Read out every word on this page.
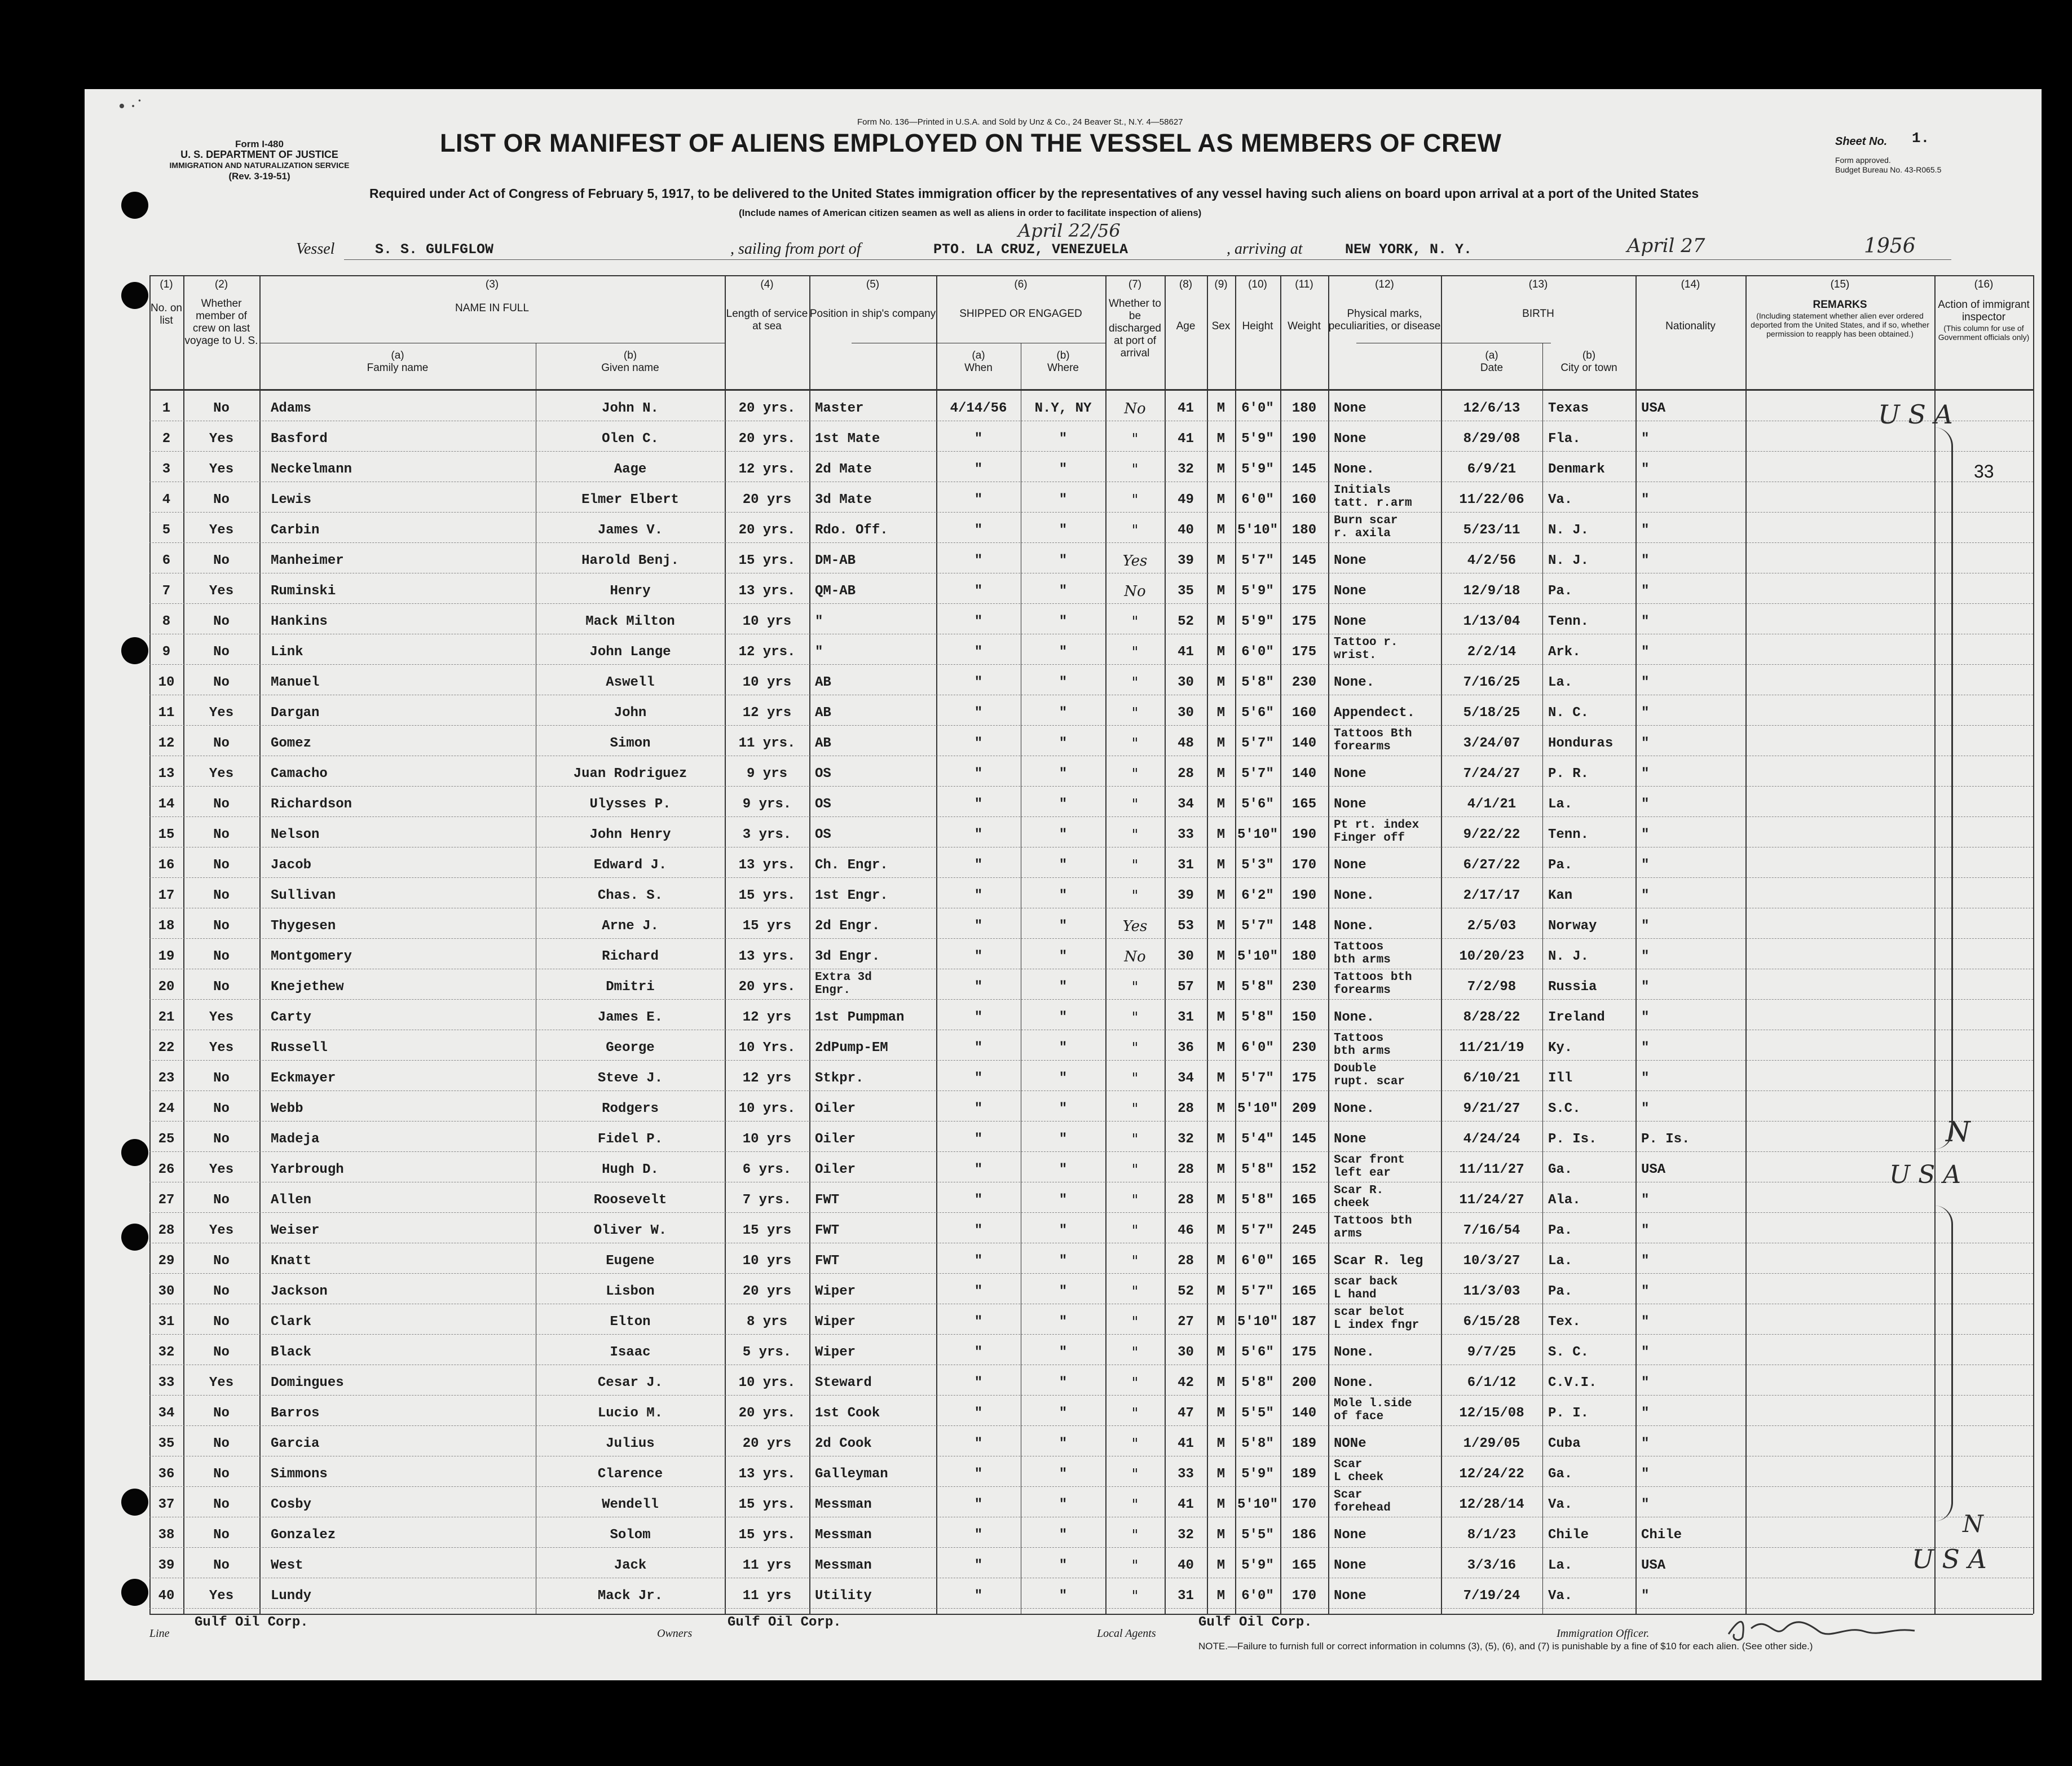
• ·˙
Form I-480
U. S. DEPARTMENT OF JUSTICE
IMMIGRATION AND NATURALIZATION SERVICE
(Rev. 3-19-51)
Form No. 136—Printed in U.S.A. and Sold by Unz & Co., 24 Beaver St., N.Y. 4—58627
LIST OR MANIFEST OF ALIENS EMPLOYED ON THE VESSEL AS MEMBERS OF CREW	Sheet No. 1.
Form approved.
Budget Bureau No. 43-R065.5
Required under Act of Congress of February 5, 1917, to be delivered to the United States immigration officer by the representatives of any vessel having such aliens on board upon arrival at a port of the United States
(Include names of American citizen seamen as well as aliens in order to facilitate inspection of aliens)
Vessel	S. S. GULFGLOW	, sailing from port of	PTO. LA CRUZ, VENEZUELA
April 22/56
, arriving at	NEW YORK, N. Y.	April 27	1956
(1)
No. on list
(2)
Whether member of crew on last voyage to U. S.
(3)
NAME IN FULL
(a)
Family name
(b)
Given name
(4)
Length of service at sea
(5)
Position in ship's company
(6)
SHIPPED OR ENGAGED
(a)
When
(b)
Where
(7)
Whether to be discharged at port of arrival
(8)
Age
(9)
Sex
(10)
Height
(11)
Weight
(12)
Physical marks, peculiarities, or disease
(13)
BIRTH
(a)
Date
(b)
City or town
(14)
Nationality
(15)
REMARKS
(Including statement whether alien ever ordered deported from the United States, and if so, whether permission to reapply has been obtained.)
(16)
Action of immigrant inspector
(This column for use of Government officials only)
1	No	Adams	John N.	20 yrs.	Master	4/14/56	N.Y, NY	No	41	M	6'0"	180	None	12/6/13	Texas	USA
2	Yes	Basford	Olen C.	20 yrs.	1st Mate	"	"	"	41	M	5'9"	190	None	8/29/08	Fla.	"
3	Yes	Neckelmann	Aage	12 yrs.	2d Mate	"	"	"	32	M	5'9"	145	None.	6/9/21	Denmark	"
4	No	Lewis	Elmer Elbert	20 yrs	3d Mate	"	"	"	49	M	6'0"	160
Initials
tatt. r.arm	11/22/06	Va.	"
5	Yes	Carbin	James V.	20 yrs.	Rdo. Off.	"	"	"	40	M 5'10"	180
Burn scar
r. axila	5/23/11	N. J.	"
6	No	Manheimer	Harold Benj.	15 yrs.	DM-AB	"	"	Yes	39	M	5'7"	145	None	4/2/56	N. J.	"
7	Yes	Ruminski	Henry	13 yrs.	QM-AB	"	"	No	35	M	5'9"	175	None	12/9/18	Pa.	"
8	No	Hankins	Mack Milton	10 yrs	"	"	"	"	52	M	5'9"	175	None	1/13/04	Tenn.	"
9	No	Link	John Lange	12 yrs.	"	"	"	"	41	M	6'0"	175
Tattoo r.
wrist.	2/2/14	Ark.	"
10	No	Manuel	Aswell	10 yrs	AB	"	"	"	30	M	5'8"	230	None.	7/16/25	La.	"
11	Yes	Dargan	John	12 yrs	AB	"	"	"	30	M	5'6"	160	Appendect.	5/18/25	N. C.	"
12	No	Gomez	Simon	11 yrs.	AB	"	"	"	48	M	5'7"	140
Tattoos Bth
forearms	3/24/07	Honduras	"
13	Yes	Camacho	Juan Rodriguez	9 yrs	OS	"	"	"	28	M	5'7"	140	None	7/24/27	P. R.	"
14	No	Richardson	Ulysses P.	9 yrs.	OS	"	"	"	34	M	5'6"	165	None	4/1/21	La.	"
15	No	Nelson	John Henry	3 yrs.	OS	"	"	"	33	M 5'10"	190
Pt rt. index
Finger off	9/22/22	Tenn.	"
16	No	Jacob	Edward J.	13 yrs.	Ch. Engr.	"	"	"	31	M	5'3"	170	None	6/27/22	Pa.	"
17	No	Sullivan	Chas. S.	15 yrs.	1st Engr.	"	"	"	39	M	6'2"	190	None.	2/17/17	Kan	"
18	No	Thygesen	Arne J.	15 yrs	2d Engr.	"	"	Yes	53	M	5'7"	148	None.	2/5/03	Norway	"
19	No	Montgomery	Richard	13 yrs.	3d Engr.	"	"	No	30	M 5'10"	180
Tattoos
bth arms	10/20/23	N. J.	"
20	No	Knejethew	Dmitri	20 yrs.
Extra 3d
Engr.	"	"	"	57	M	5'8"	230
Tattoos bth
forearms	7/2/98	Russia	"
21	Yes	Carty	James E.	12 yrs	1st Pumpman	"	"	"	31	M	5'8"	150	None.	8/28/22	Ireland	"
22	Yes	Russell	George	10 Yrs.	2dPump-EM	"	"	"	36	M	6'0"	230
Tattoos
bth arms	11/21/19	Ky.	"
23	No	Eckmayer	Steve J.	12 yrs	Stkpr.	"	"	"	34	M	5'7"	175
Double
rupt. scar	6/10/21	Ill	"
24	No	Webb	Rodgers	10 yrs.	Oiler	"	"	"	28	M 5'10"	209	None.	9/21/27	S.C.	"
25	No	Madeja	Fidel P.	10 yrs	Oiler	"	"	"	32	M	5'4"	145	None	4/24/24	P. Is.	P. Is.
26	Yes	Yarbrough	Hugh D.	6 yrs.	Oiler	"	"	"	28	M	5'8"	152
Scar front
left ear	11/11/27	Ga.	USA
27	No	Allen	Roosevelt	7 yrs.	FWT	"	"	"	28	M	5'8"	165
Scar R.
cheek	11/24/27	Ala.	"
28	Yes	Weiser	Oliver W.	15 yrs	FWT	"	"	"	46	M	5'7"	245
Tattoos bth
arms	7/16/54	Pa.	"
29	No	Knatt	Eugene	10 yrs	FWT	"	"	"	28	M	6'0"	165	Scar R. leg	10/3/27	La.	"
30	No	Jackson	Lisbon	20 yrs	Wiper	"	"	"	52	M	5'7"	165
scar back
L hand	11/3/03	Pa.	"
31	No	Clark	Elton	8 yrs	Wiper	"	"	"	27	M 5'10"	187
scar belot
L index fngr	6/15/28	Tex.	"
32	No	Black	Isaac	5 yrs.	Wiper	"	"	"	30	M	5'6"	175	None.	9/7/25	S. C.	"
33	Yes	Domingues	Cesar J.	10 yrs.	Steward	"	"	"	42	M	5'8"	200	None.	6/1/12	C.V.I.	"
34	No	Barros	Lucio M.	20 yrs.	1st Cook	"	"	"	47	M	5'5"	140
Mole l.side
of face	12/15/08	P. I.	"
35	No	Garcia	Julius	20 yrs	2d Cook	"	"	"	41	M	5'8"	189	NONe	1/29/05	Cuba	"
36	No	Simmons	Clarence	13 yrs.	Galleyman	"	"	"	33	M	5'9"	189
Scar
L cheek	12/24/22	Ga.	"
37	No	Cosby	Wendell	15 yrs.	Messman	"	"	"	41	M 5'10"	170
Scar
forehead	12/28/14	Va.	"
38	No	Gonzalez	Solom	15 yrs.	Messman	"	"	"	32	M	5'5"	186	None	8/1/23	Chile	Chile
39	No	West	Jack	11 yrs	Messman	"	"	"	40	M	5'9"	165	None	3/3/16	La.	USA
40	Yes	Lundy	Mack Jr.	11 yrs	Utility	"	"	"	31	M	6'0"	170	None	7/19/24	Va.	"
U S A
N
U S A
N
U S A
33
Line
Gulf Oil Corp.
Owners
Gulf Oil Corp.
Local Agents
Gulf Oil Corp.
Immigration Officer.
NOTE.—Failure to furnish full or correct information in columns (3), (5), (6), and (7) is punishable by a fine of $10 for each alien. (See other side.)
